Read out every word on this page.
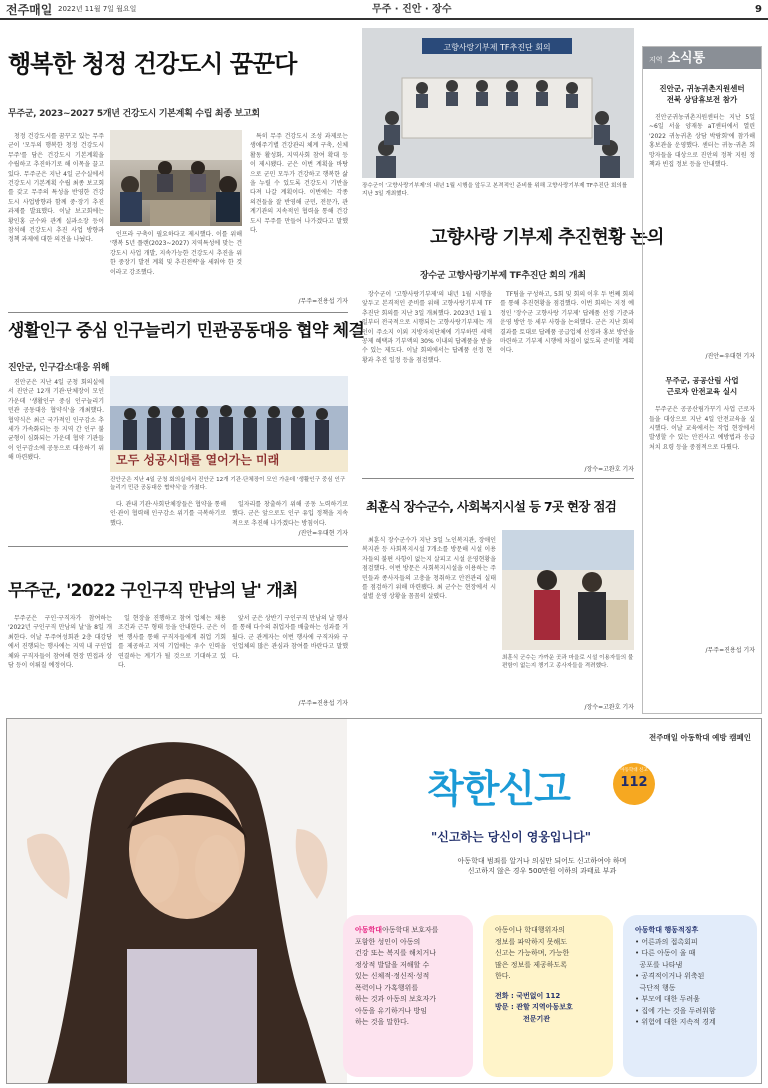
전주매일 2022년 11월 7일 월요일	무주 · 진안 · 장수	9
행복한 청정 건강도시 꿈꾼다
무주군, 2023~2027 5개년 건강도시 기본계획 수립 최종 보고회

청정 건강도시를 꿈꾸고 있는 무주군이 '모두의 행복한 청정 건강도시 무주'를 담은 건강도시 기본계획을 수립하고 추진하기로 해 이목을 끌고 있다. 무주군은 지난 4일 군수실에서 건강도시 기본계획 수립 최종 보고회를 갖고 무주의 특성을 반영한 건강도시 사업방향과 함께 중·장기 추진과제를 발표했다. 이날 보고회에는 황인홍 군수와 관계 실과소장 등이 참석해 건강도시 추진 사업 방향과 정책 과제에 대한 의견을 나눴다.

인프라 구축이 필요하다고 제시했다. 이를 위해 '행복 5년 플랜(2023~2027) 지역특성에 맞는 건강도시 사업 개발, 지속가능한 건강도시 추진을 위한 중장기 발전 계획 및 추진전략'을 세워야 한 것이라고 강조했다.

특히 무주 건강도시 조성 과제로는 생애주기별 건강관리 체계 구축, 신체활동 활성화, 지역사회 참여 확대 등이 제시됐다. 군은 이번 계획을 바탕으로 군민 모두가 건강하고 행복한 삶을 누릴 수 있도록 건강도시 기반을 다져 나갈 계획이다. 이번에는 각종 의견들을 잘 반영해 군민, 전문가, 관계기관의 지속적인 협력을 통해 건강도시 무주를 만들어 나가겠다고 말했다.

/무주=진용섭 기자
고향사랑기부제 TF추진단 회의
장수군이 '고향사랑기부제'의 내년 1월 시행을 앞두고 본격적인 준비를 위해 고향사랑기부제 TF추진단 회의를 지난 3일 개최했다.
고향사랑 기부제 추진현황 논의
장수군 고향사랑기부제 TF추진단 회의 개최

장수군이 '고향사랑기부제'의 내년 1월 시행을 앞두고 본격적인 준비를 위해 고향사랑기부제 TF추진단 회의를 지난 3일 개최했다. 2023년 1월 1일부터 전국적으로 시행되는 고향사랑기부제는 개인이 주소지 이외 지방자치단체에 기부하면 세액공제 혜택과 기부액의 30% 이내의 답례품을 받을 수 있는 제도다. 이날 회의에서는 답례품 선정 현황과 추진 일정 등을 점검했다.

TF팀을 구성하고, 5회 및 회의 이후 두 번째 회의를 통해 추진현황을 점검했다. 이번 회의는 지정 예정인 '장수군 고향사랑 기부제' 답례품 선정 기준과 운영 방안 등 세부 사항을 논의했다. 군은 지난 회의 결과를 토대로 답례품 공급업체 선정과 홍보 방안을 마련하고 기부제 시행에 차질이 없도록 준비할 계획이다.

/장수=고완호 기자
생활인구 중심 인구늘리기 민관공동대응 협약 체결
진안군, 인구감소대응 위해

진안군은 지난 4일 군청 회의실에서 진안군 12개 기관·단체장이 모인 가운데 '생활인구 중심 인구늘리기 민관 공동대응 협약식'을 개최했다. 협약식은 최근 국가적인 인구감소 추세가 가속화되는 등 지역 간 인구 불균형이 심화되는 가운데 협약 기관들이 인구감소에 공동으로 대응하기 위해 마련됐다.	모두 성공시대를 열어가는 미래
진안군은 지난 4일 군청 회의실에서 진안군 12개 기관·단체장이 모인 가운데 '생활인구 중심 인구늘리기 민관 공동대응 협약식'을 가졌다.

다. 관내 기관·사회단체장들은 협약을 통해 인·관이 협력해 인구감소 위기를 극복하기로 했다.

일자리를 창출하기 위해 공동 노력하기로 했다. 군은 앞으로도 인구 유입 정책을 지속적으로 추진해 나가겠다는 방침이다.

/진안=우대현 기자
최훈식 장수군수, 사회복지시설 등 7곳 현장 점검

최훈식 장수군수가 지난 3일 노인복지관, 장애인복지관 등 사회복지시설 7개소를 방문해 시설 이용자들의 불편 사항이 없는지 살피고 시설 운영현황을 점검했다. 이번 방문은 사회복지시설을 이용하는 주민들과 종사자들의 고충을 청취하고 안전관리 실태를 점검하기 위해 마련됐다. 최 군수는 현장에서 시설별 운영 상황을 꼼꼼히 살폈다.

최훈식 군수는 가까운 곳과 마을로 시설 이용자들의 불편함이 없는지 챙기고 종사자들을 격려했다.
/장수=고완호 기자
무주군, '2022 구인구직 만남의 날' 개최

무주군은 구인·구직자가 참여하는 '2022년 구인구직 만남의 날'을 8일 개최한다. 이날 무주여성회관 2층 대강당에서 진행되는 행사에는 지역 내 구인업체와 구직자들이 참여해 현장 면접과 상담 등이 이뤄질 예정이다.

일 현장을 진행하고 참여 업체는 채용 조건과 근무 형태 등을 안내한다. 군은 이번 행사를 통해 구직자들에게 취업 기회를 제공하고 지역 기업에는 우수 인력을 연결하는 계기가 될 것으로 기대하고 있다.

앞서 군은 상반기 구인구직 만남의 날 행사를 통해 다수의 취업자를 배출하는 성과를 거뒀다. 군 관계자는 이번 행사에 구직자와 구인업체의 많은 관심과 참여를 바란다고 말했다.

/무주=진용섭 기자
지역 소식통
진안군, 귀농귀촌지원센터
전북 상담휴보전 참가

진안군귀농귀촌지원센터는 지난 5일~6일 서울 양재동 aT센터에서 열린 '2022 귀농귀촌 상담 박람회'에 참가해 홍보관을 운영했다. 센터는 귀농·귀촌 희망자들을 대상으로 진안의 정착 지원 정책과 빈집 정보 등을 안내했다.

/진안=우대현 기자
무주군, 공공산림 사업
근로자 안전교육 실시

무주군은 공공산림가꾸기 사업 근로자들을 대상으로 지난 4일 안전교육을 실시했다. 이날 교육에서는 작업 현장에서 발생할 수 있는 안전사고 예방법과 응급처치 요령 등을 중점적으로 다뤘다.

/무주=진용섭 기자
전주매일 아동학대 예방 캠페인
착한신고	아동학대 신고
112
"신고하는 당신이 영웅입니다"
아동학대 범죄를 알거나 의심만 되어도 신고하여야 하며
신고하지 않은 경우 500만원 이하의 과태료 부과
아동학대아동학대 보호자를
포함한 성인이 아동의
건강 또는 복지를 해치거나
정상적 발달을 저해할 수
있는 신체적·정신적·성적
폭력이나 가혹행위를
하는 것과 아동의 보호자가
아동을 유기하거나 방임
하는 것을 말한다.
아동이나 학대행위자의
정보를 파악하지 못해도
신고는 가능하며, 가능한
많은 정보를 제공하도록
한다.
전화 : 국번없이 112
방문 : 관할 지역아동보호
전문기관
아동학대 행동적징후
• 어른과의 접촉회피
• 다른 아동이 울 때
공포를 나타냄
• 공격적이거나 위축된
극단적 행동
• 부모에 대한 두려움
• 집에 가는 것을 두려워함
• 위험에 대한 지속적 경계
